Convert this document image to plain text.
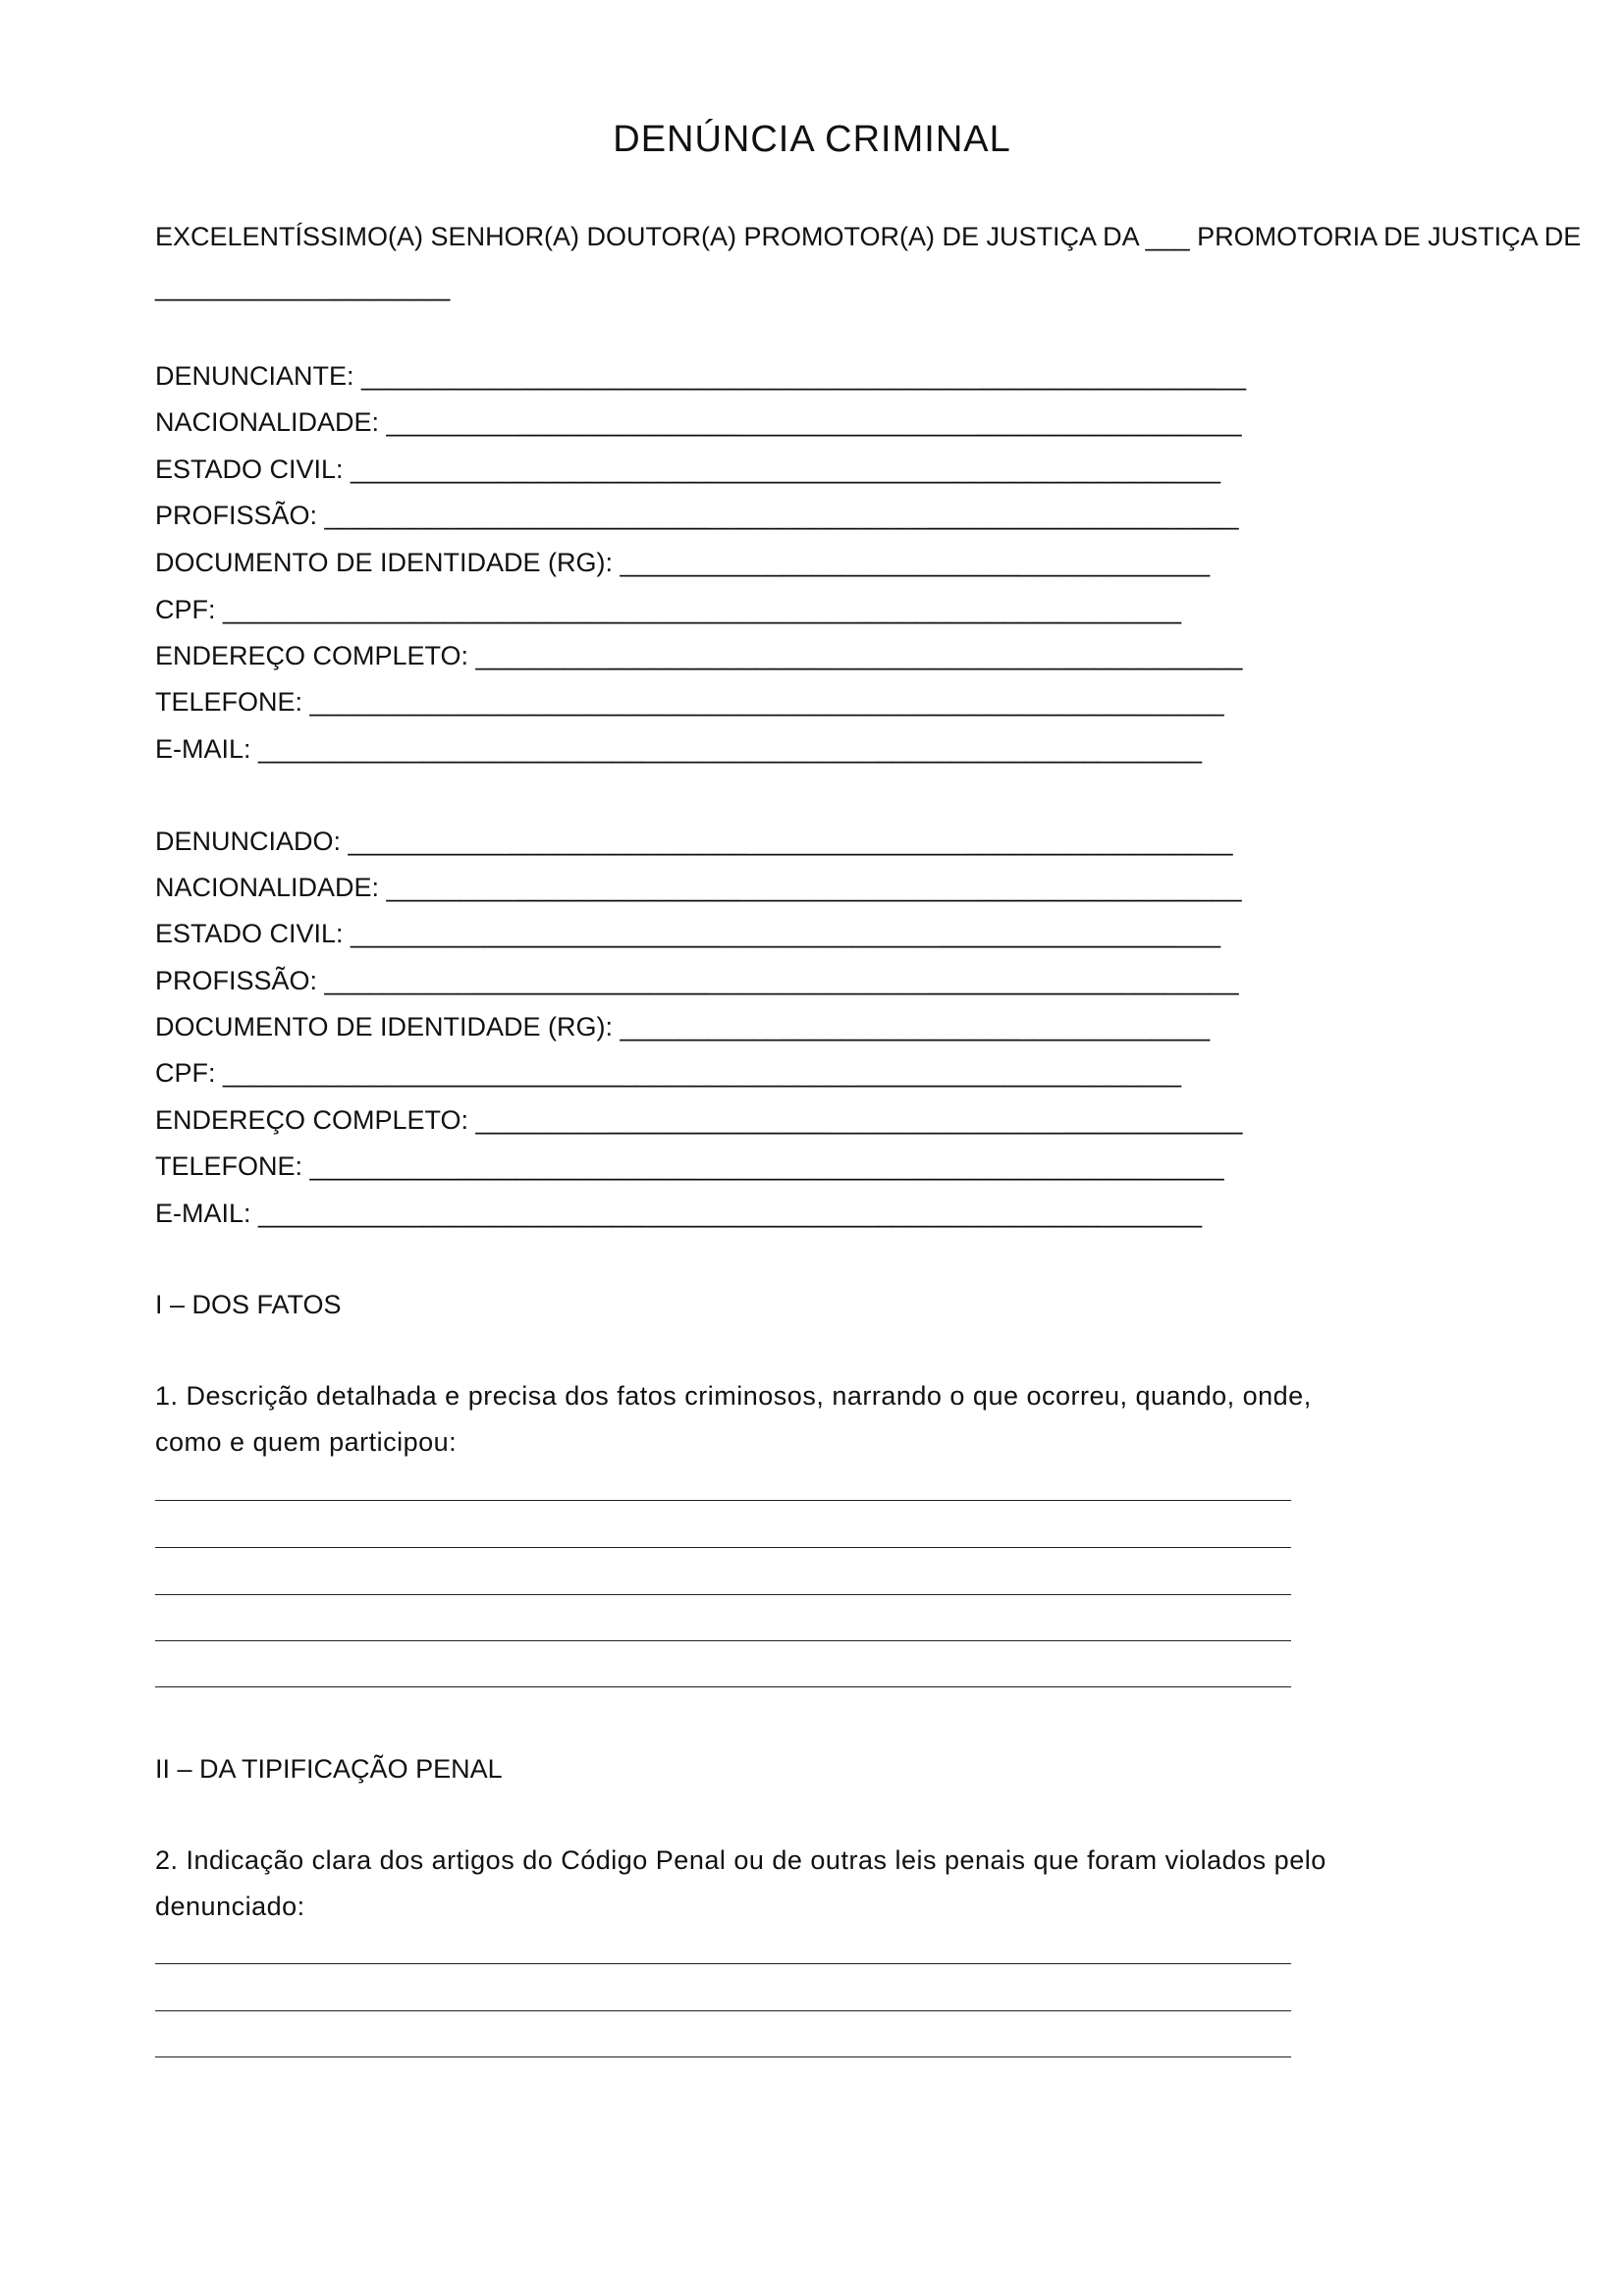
DENÚNCIA CRIMINAL
EXCELENTÍSSIMO(A) SENHOR(A) DOUTOR(A) PROMOTOR(A) DE JUSTIÇA DA ___ PROMOTORIA DE JUSTIÇA DE
____________________
DENUNCIANTE: ____________________________________________________________
NACIONALIDADE: __________________________________________________________
ESTADO CIVIL: ___________________________________________________________
PROFISSÃO: ______________________________________________________________
DOCUMENTO DE IDENTIDADE (RG): ________________________________________
CPF: _________________________________________________________________
ENDEREÇO COMPLETO: ____________________________________________________
TELEFONE: ______________________________________________________________
E-MAIL: ________________________________________________________________
DENUNCIADO: ____________________________________________________________
NACIONALIDADE: __________________________________________________________
ESTADO CIVIL: ___________________________________________________________
PROFISSÃO: ______________________________________________________________
DOCUMENTO DE IDENTIDADE (RG): ________________________________________
CPF: _________________________________________________________________
ENDEREÇO COMPLETO: ____________________________________________________
TELEFONE: ______________________________________________________________
E-MAIL: ________________________________________________________________
I – DOS FATOS
1. Descrição detalhada e precisa dos fatos criminosos, narrando o que ocorreu, quando, onde,
como e quem participou:
II – DA TIPIFICAÇÃO PENAL
2. Indicação clara dos artigos do Código Penal ou de outras leis penais que foram violados pelo
denunciado:
